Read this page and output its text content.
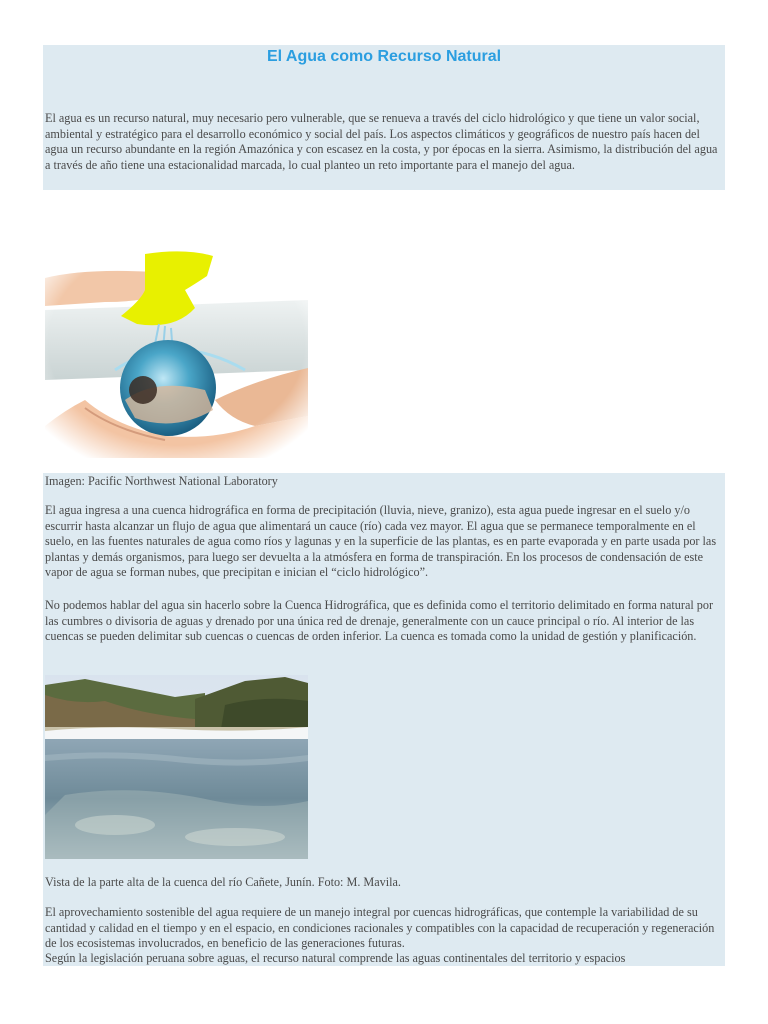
El Agua como Recurso Natural

El agua es un recurso natural, muy necesario pero vulnerable, que se renueva a través del ciclo hidrológico y que tiene un valor social, ambiental y estratégico para el desarrollo económico y social del país. Los aspectos climáticos y geográficos de nuestro país hacen del agua un recurso abundante en la región Amazónica y con escasez en la costa, y por épocas en la sierra. Asimismo, la distribución del agua a través de año tiene una estacionalidad marcada, lo cual planteo un reto importante para el manejo del agua.

Imagen: Pacific Northwest National Laboratory

El agua ingresa a una cuenca hidrográfica en forma de precipitación (lluvia, nieve, granizo), esta agua puede ingresar en el suelo y/o escurrir hasta alcanzar un flujo de agua que alimentará un cauce (río) cada vez mayor. El agua que se permanece temporalmente en el suelo, en las fuentes naturales de agua como ríos y lagunas y en la superficie de las plantas, es en parte evaporada y en parte usada por las plantas y demás organismos, para luego ser devuelta a la atmósfera en forma de transpiración. En los procesos de condensación de este vapor de agua se forman nubes, que precipitan e inician el “ciclo hidrológico”.

No podemos hablar del agua sin hacerlo sobre la Cuenca Hidrográfica, que es definida como el territorio delimitado en forma natural por las cumbres o divisoria de aguas y drenado por una única red de drenaje, generalmente con un cauce principal o río. Al interior de las cuencas se pueden delimitar sub cuencas o cuencas de orden inferior. La cuenca es tomada como la unidad de gestión y planificación.

Vista de la parte alta de la cuenca del río Cañete, Junín. Foto: M. Mavila.

El aprovechamiento sostenible del agua requiere de un manejo integral por cuencas hidrográficas, que contemple la variabilidad de su cantidad y calidad en el tiempo y en el espacio, en condiciones racionales y compatibles con la capacidad de recuperación y regeneración de los ecosistemas involucrados, en beneficio de las generaciones futuras.

Según la legislación peruana sobre aguas, el recurso natural comprende las aguas continentales del territorio y espacios
